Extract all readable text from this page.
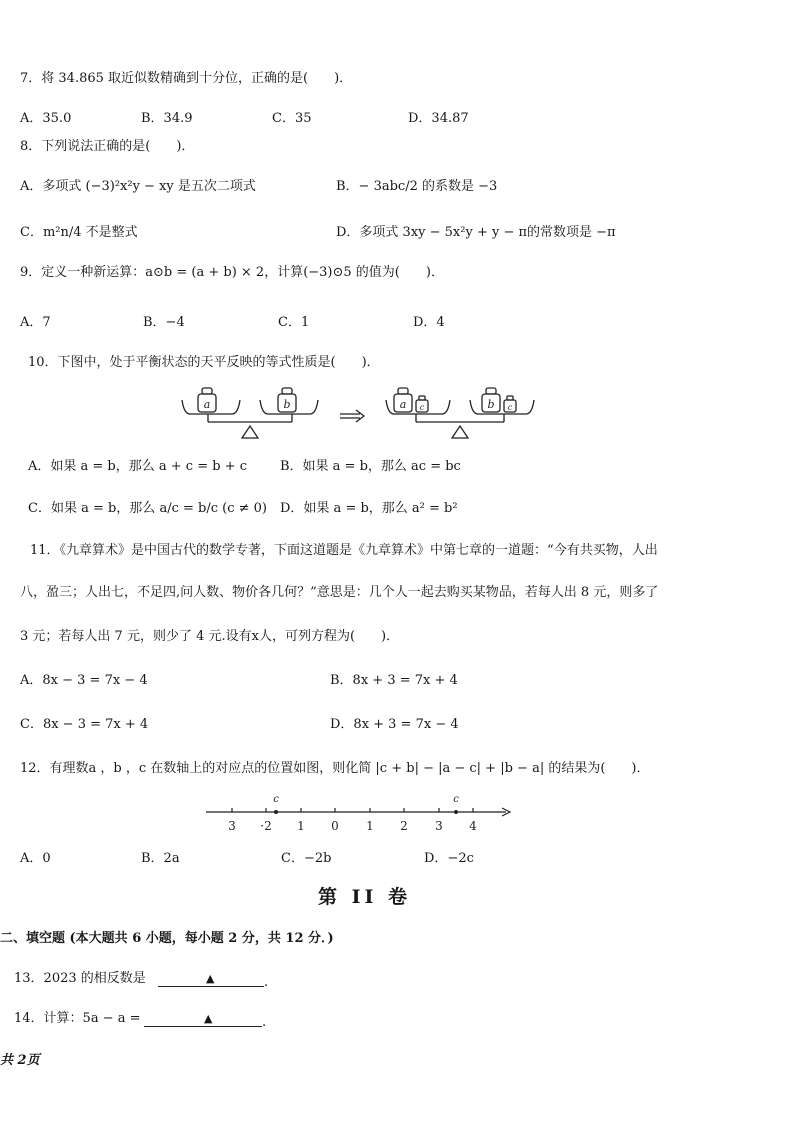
7．将 34.865 取近似数精确到十分位，正确的是(　　)．
A．35.0	B．34.9	C．35	D．34.87
8．下列说法正确的是(　　)．
A．多项式 (−3)²x²y − xy 是五次二项式	B．− 3abc/2 的系数是 −3
C．m²n/4 不是整式	D．多项式 3xy − 5x²y + y − π的常数项是 −π
9．定义一种新运算：a⊙b = (a + b) × 2，计算(−3)⊙5 的值为(　　)．
A．7	B．−4	C．1	D．4
10．下图中，处于平衡状态的天平反映的等式性质是(　　)．
a	b	a c	b c
A．如果 a = b，那么 a + c = b + c	B．如果 a = b，那么 ac = bc
C．如果 a = b，那么 a/c = b/c (c ≠ 0) D．如果 a = b，那么 a² = b²
11．《九章算术》是中国古代的数学专著，下面这道题是《九章算术》中第七章的一道题：“今有共买物，人出
八，盈三；人出七，不足四,问人数、物价各几何？”意思是：几个人一起去购买某物品，若每人出 8 元，则多了
3 元；若每人出 7 元，则少了 4 元.设有x人，可列方程为(　　)．
A．8x − 3 = 7x − 4	B．8x + 3 = 7x + 4
C．8x − 3 = 7x + 4	D．8x + 3 = 7x − 4
12．有理数a ，b ，c 在数轴上的对应点的位置如图，则化简 |c + b| − |a − c| + |b − a| 的结果为(　　)．
3 ·2 1 0 1 2 3 4
c	c
A．0	B．2a	C．−2b	D．−2c
第 II 卷
二、填空题 (本大题共 6 小题，每小题 2 分，共 12 分．)
13．2023 的相反数是	▲	.
14．计算：5a − a =	▲	.
共 2页
